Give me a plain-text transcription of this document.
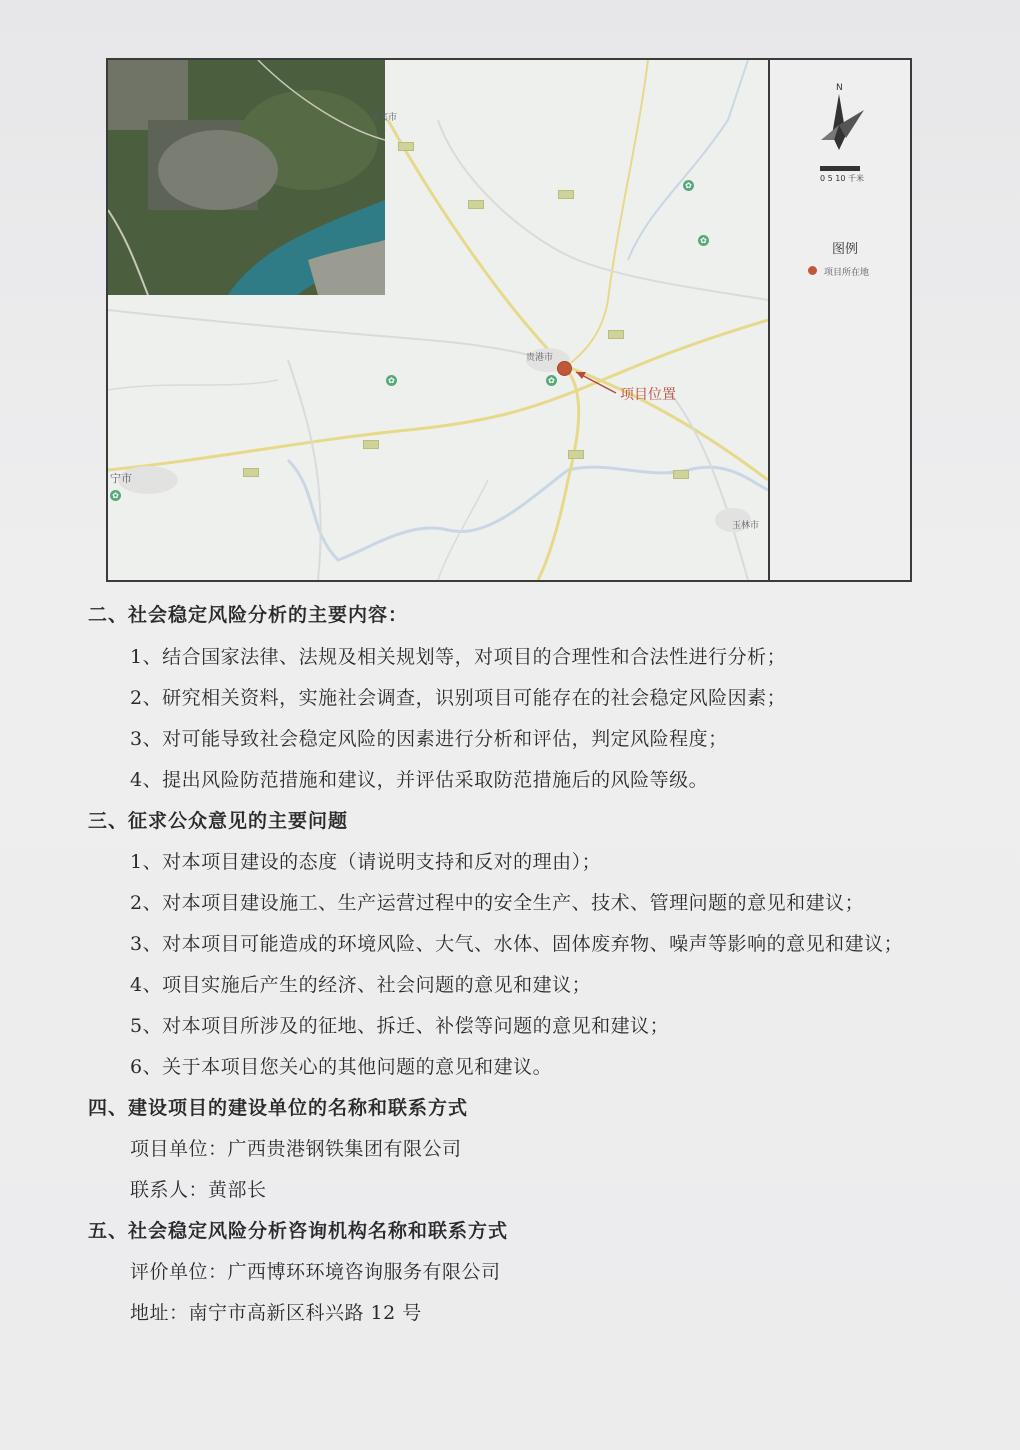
来宾市
贵港市
宁市
玉林市
✿
✿
✿	✿
✿
项目位置
N
0 5 10 千米
图例
项目所在地
二、社会稳定风险分析的主要内容：
1、结合国家法律、法规及相关规划等，对项目的合理性和合法性进行分析；
2、研究相关资料，实施社会调查，识别项目可能存在的社会稳定风险因素；
3、对可能导致社会稳定风险的因素进行分析和评估，判定风险程度；
4、提出风险防范措施和建议，并评估采取防范措施后的风险等级。
三、征求公众意见的主要问题
1、对本项目建设的态度（请说明支持和反对的理由）；
2、对本项目建设施工、生产运营过程中的安全生产、技术、管理问题的意见和建议；
3、对本项目可能造成的环境风险、大气、水体、固体废弃物、噪声等影响的意见和建议；
4、项目实施后产生的经济、社会问题的意见和建议；
5、对本项目所涉及的征地、拆迁、补偿等问题的意见和建议；
6、关于本项目您关心的其他问题的意见和建议。
四、建设项目的建设单位的名称和联系方式
项目单位：广西贵港钢铁集团有限公司
联系人：黄部长
五、社会稳定风险分析咨询机构名称和联系方式
评价单位：广西博环环境咨询服务有限公司
地址：南宁市高新区科兴路 12 号
